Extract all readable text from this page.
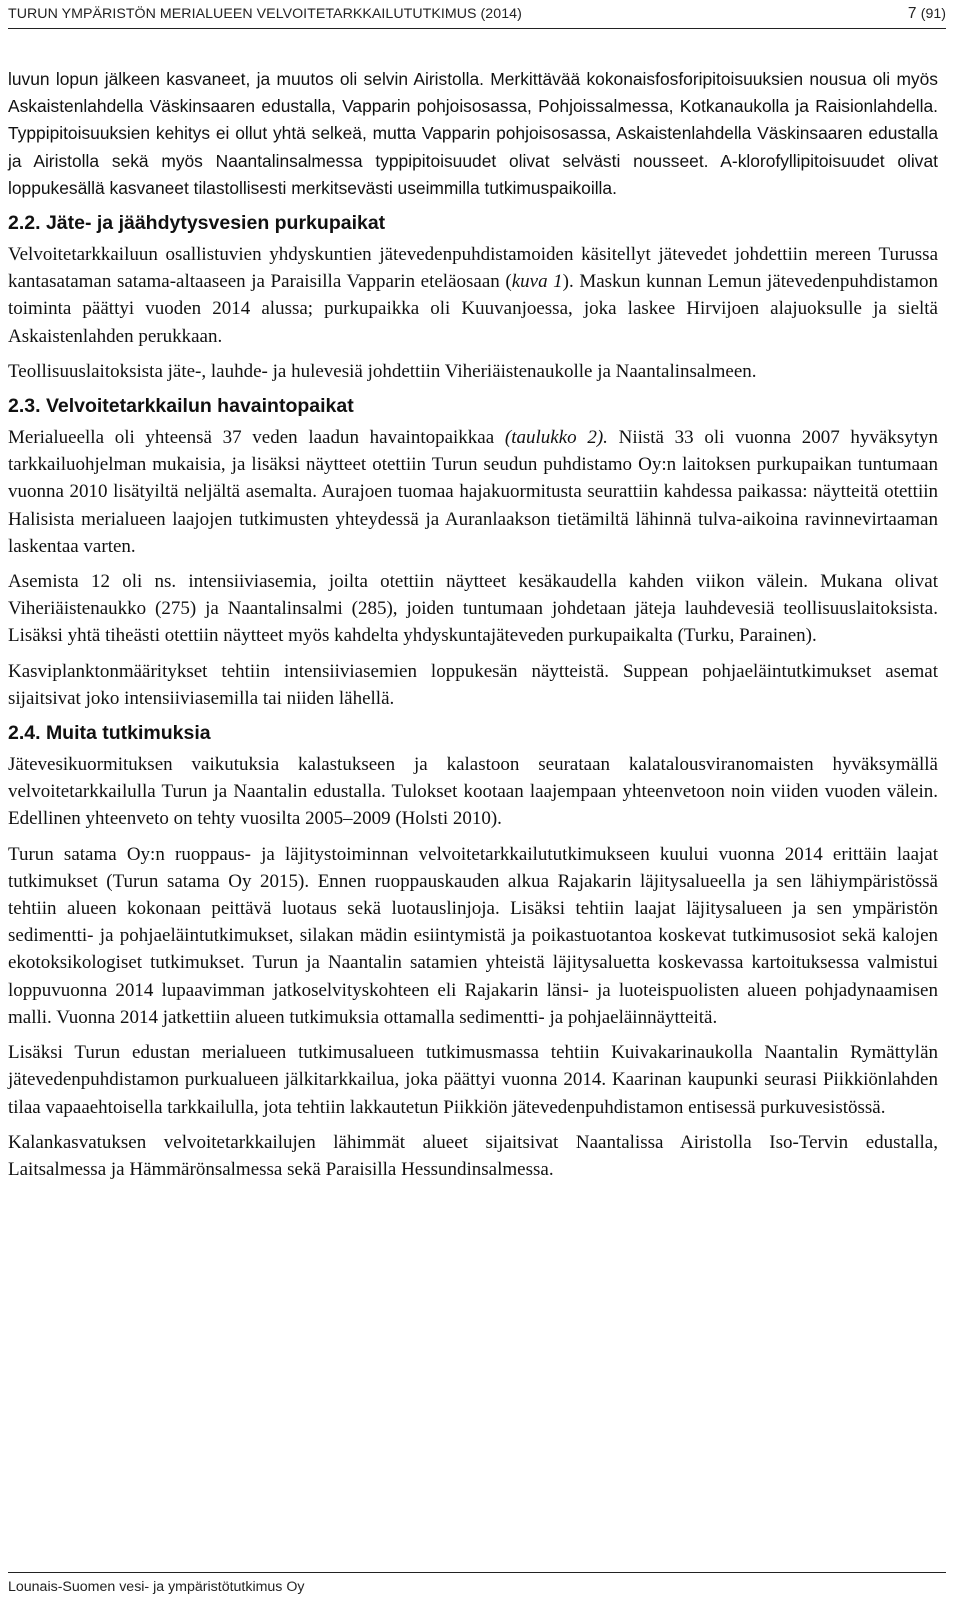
TURUN YMPÄRISTÖN MERIALUEEN VELVOITETARKKAILUTUTKIMUS (2014)	7 (91)

luvun lopun jälkeen kasvaneet, ja muutos oli selvin Airistolla. Merkittävää kokonaisfosforipitoisuuksien nousua oli myös Askaistenlahdella Väskinsaaren edustalla, Vapparin pohjoisosassa, Pohjoissalmessa, Kotkanaukolla ja Raisionlahdella. Typpipitoisuuksien kehitys ei ollut yhtä selkeä, mutta Vapparin pohjoisosassa, Askaistenlahdella Väskinsaaren edustalla ja Airistolla sekä myös Naantalinsalmessa typpipitoisuudet olivat selvästi nousseet. A-klorofyllipitoisuudet olivat loppukesällä kasvaneet tilastollisesti merkitsevästi useimmilla tutkimuspaikoilla.

2.2. Jäte- ja jäähdytysvesien purkupaikat

Velvoitetarkkailuun osallistuvien yhdyskuntien jätevedenpuhdistamoiden käsitellyt jätevedet johdettiin mereen Turussa kantasataman satama-altaaseen ja Paraisilla Vapparin eteläosaan (kuva 1). Maskun kunnan Lemun jätevedenpuhdistamon toiminta päättyi vuoden 2014 alussa; purkupaikka oli Kuuvanjoessa, joka laskee Hirvijoen alajuoksulle ja sieltä Askaistenlahden perukkaan.

Teollisuuslaitoksista jäte-, lauhde- ja hulevesiä johdettiin Viheriäistenaukolle ja Naantalinsalmeen.

2.3. Velvoitetarkkailun havaintopaikat

Merialueella oli yhteensä 37 veden laadun havaintopaikkaa (taulukko 2). Niistä 33 oli vuonna 2007 hyväksytyn tarkkailuohjelman mukaisia, ja lisäksi näytteet otettiin Turun seudun puhdistamo Oy:n laitoksen purkupaikan tuntumaan vuonna 2010 lisätyiltä neljältä asemalta. Aurajoen tuomaa hajakuormitusta seurattiin kahdessa paikassa: näytteitä otettiin Halisista merialueen laajojen tutkimusten yhteydessä ja Auranlaakson tietämiltä lähinnä tulva-aikoina ravinnevirtaaman laskentaa varten.

Asemista 12 oli ns. intensiiviasemia, joilta otettiin näytteet kesäkaudella kahden viikon välein. Mukana olivat Viheriäistenaukko (275) ja Naantalinsalmi (285), joiden tuntumaan johdetaan jäteja lauhdevesiä teollisuuslaitoksista. Lisäksi yhtä tiheästi otettiin näytteet myös kahdelta yhdyskuntajäteveden purkupaikalta (Turku, Parainen).

Kasviplanktonmääritykset tehtiin intensiiviasemien loppukesän näytteistä. Suppean pohjaeläintutkimukset asemat sijaitsivat joko intensiiviasemilla tai niiden lähellä.

2.4. Muita tutkimuksia

Jätevesikuormituksen vaikutuksia kalastukseen ja kalastoon seurataan kalatalousviranomaisten hyväksymällä velvoitetarkkailulla Turun ja Naantalin edustalla. Tulokset kootaan laajempaan yhteenvetoon noin viiden vuoden välein. Edellinen yhteenveto on tehty vuosilta 2005–2009 (Holsti 2010).

Turun satama Oy:n ruoppaus- ja läjitystoiminnan velvoitetarkkailututkimukseen kuului vuonna 2014 erittäin laajat tutkimukset (Turun satama Oy 2015). Ennen ruoppauskauden alkua Rajakarin läjitysalueella ja sen lähiympäristössä tehtiin alueen kokonaan peittävä luotaus sekä luotauslinjoja. Lisäksi tehtiin laajat läjitysalueen ja sen ympäristön sedimentti- ja pohjaeläintutkimukset, silakan mädin esiintymistä ja poikastuotantoa koskevat tutkimusosiot sekä kalojen ekotoksikologiset tutkimukset. Turun ja Naantalin satamien yhteistä läjitysaluetta koskevassa kartoituksessa valmistui loppuvuonna 2014 lupaavimman jatkoselvityskohteen eli Rajakarin länsi- ja luoteispuolisten alueen pohjadynaamisen malli. Vuonna 2014 jatkettiin alueen tutkimuksia ottamalla sedimentti- ja pohjaeläinnäytteitä.

Lisäksi Turun edustan merialueen tutkimusalueen tutkimusmassa tehtiin Kuivakarinaukolla Naantalin Rymättylän jätevedenpuhdistamon purkualueen jälkitarkkailua, joka päättyi vuonna 2014. Kaarinan kaupunki seurasi Piikkiönlahden tilaa vapaaehtoisella tarkkailulla, jota tehtiin lakkautetun Piikkiön jätevedenpuhdistamon entisessä purkuvesistössä.

Kalankasvatuksen velvoitetarkkailujen lähimmät alueet sijaitsivat Naantalissa Airistolla Iso-Tervin edustalla, Laitsalmessa ja Hämmärönsalmessa sekä Paraisilla Hessundinsalmessa.

Lounais-Suomen vesi- ja ympäristötutkimus Oy
